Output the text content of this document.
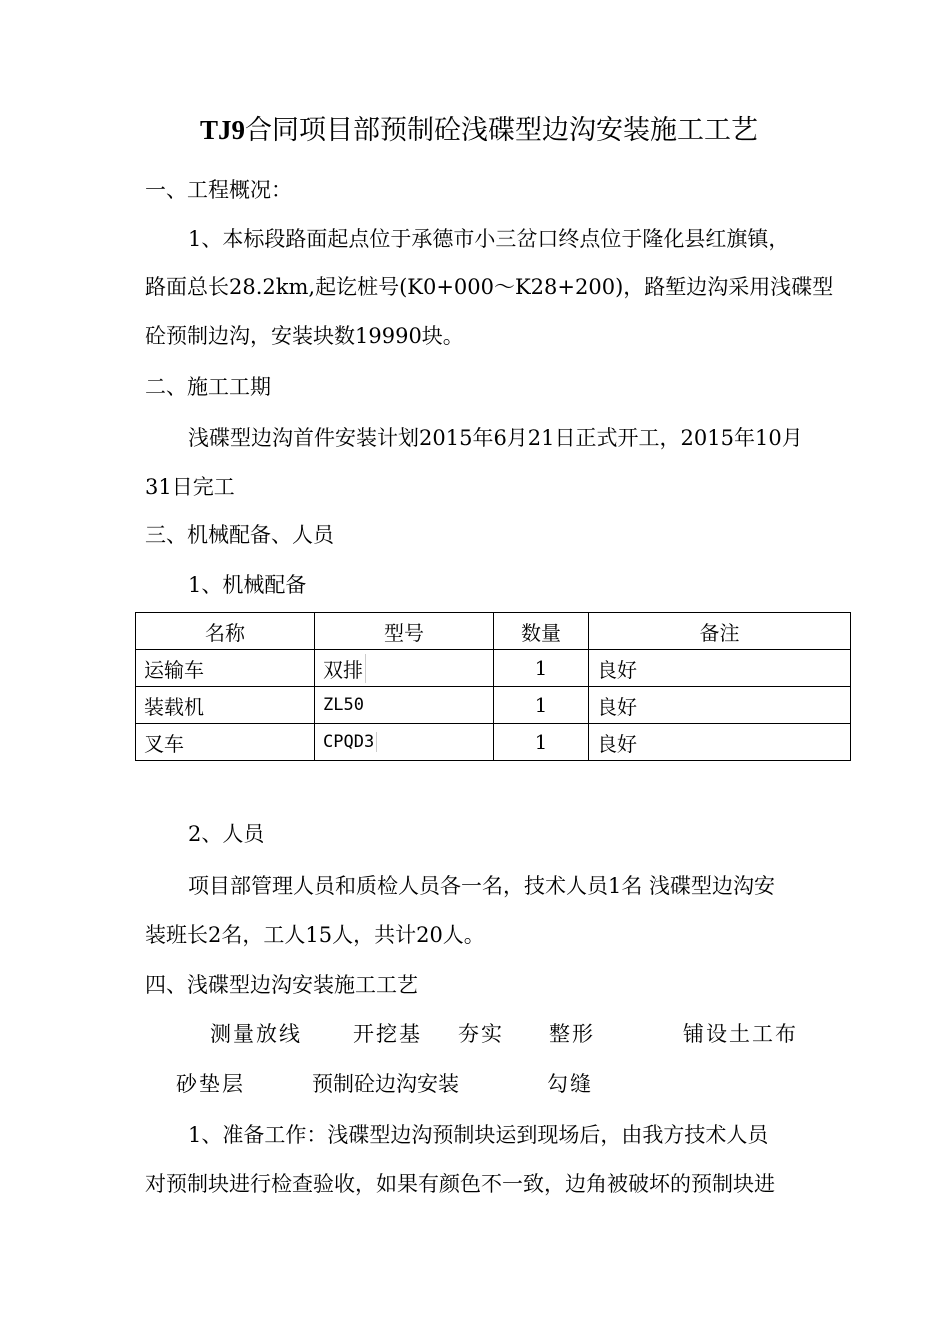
TJ9合同项目部预制砼浅碟型边沟安装施工工艺
一、工程概况：
1、本标段路面起点位于承德市小三岔口终点位于隆化县红旗镇，
路面总长28.2km,起讫桩号(K0+000～K28+200)，路堑边沟采用浅碟型
砼预制边沟，安装块数19990块。
二、施工工期
浅碟型边沟首件安装计划2015年6月21日正式开工，2015年10月
31日完工
三、机械配备、人员
1、机械配备
名称	型号	数量	备注
运输车	双排	1	良好
装载机	ZL50	1	良好
叉车	CPQD3	1	良好
2、人员
项目部管理人员和质检人员各一名，技术人员1名 浅碟型边沟安
装班长2名，工人15人，共计20人。
四、浅碟型边沟安装施工工艺
测量放线 开挖基 夯实 整形	铺设土工布
砂垫层	预制砼边沟安装	勾缝
1、准备工作：浅碟型边沟预制块运到现场后，由我方技术人员
对预制块进行检查验收，如果有颜色不一致，边角被破坏的预制块进
